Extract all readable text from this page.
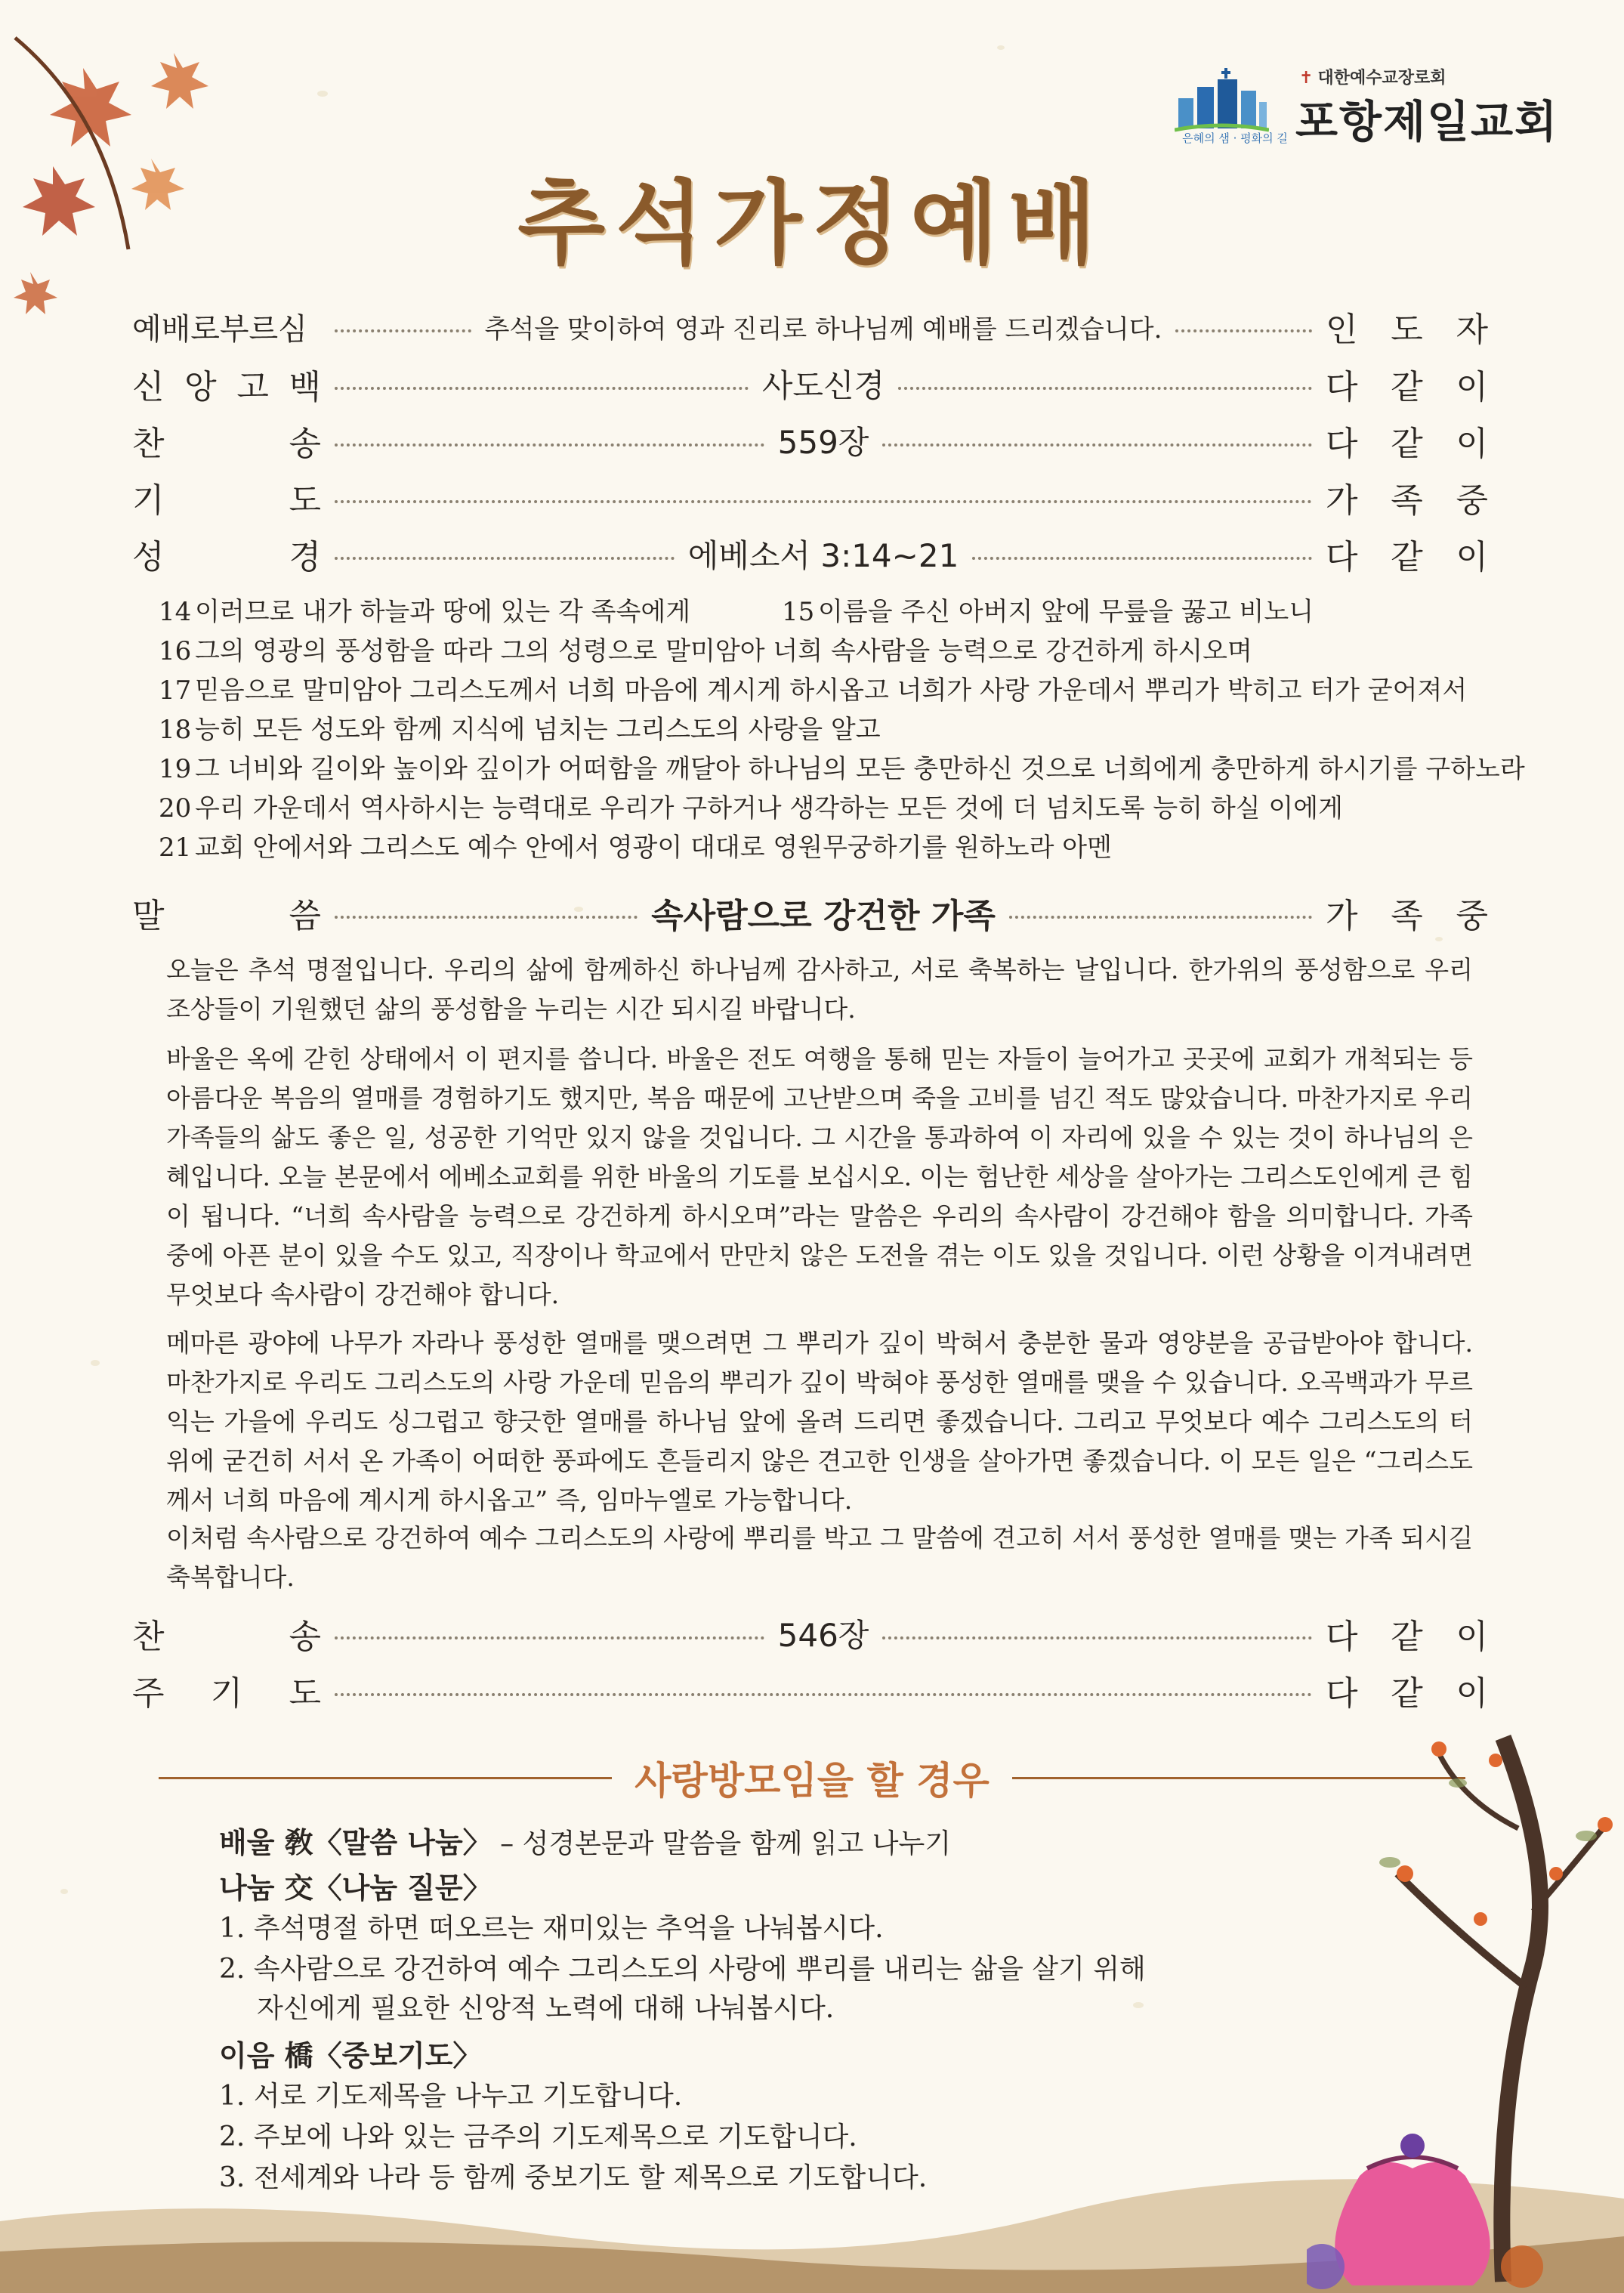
✝ 대한예수교장로회
포항제일교회
은혜의 샘 · 평화의 길
추석가정예배
예배로부르심	추석을 맞이하여 영과 진리로 하나님께 예배를 드리겠습니다.	인 도 자
신 앙 고 백	사도신경	다 같 이
찬	송	559장	다 같 이
기	도	가 족 중
성	경	에베소서 3:14~21	다 같 이
14 이러므로 내가 하늘과 땅에 있는 각 족속에게	15 이름을 주신 아버지 앞에 무릎을 꿇고 비노니
16 그의 영광의 풍성함을 따라 그의 성령으로 말미암아 너희 속사람을 능력으로 강건하게 하시오며
17 믿음으로 말미암아 그리스도께서 너희 마음에 계시게 하시옵고 너희가 사랑 가운데서 뿌리가 박히고 터가 굳어져서
18 능히 모든 성도와 함께 지식에 넘치는 그리스도의 사랑을 알고
19 그 너비와 길이와 높이와 깊이가 어떠함을 깨달아 하나님의 모든 충만하신 것으로 너희에게 충만하게 하시기를 구하노라
20 우리 가운데서 역사하시는 능력대로 우리가 구하거나 생각하는 모든 것에 더 넘치도록 능히 하실 이에게
21 교회 안에서와 그리스도 예수 안에서 영광이 대대로 영원무궁하기를 원하노라 아멘
말	씀	속사람으로 강건한 가족	가 족 중

오늘은 추석 명절입니다. 우리의 삶에 함께하신 하나님께 감사하고, 서로 축복하는 날입니다. 한가위의 풍성함으로 우리 조상들이 기원했던 삶의 풍성함을 누리는 시간 되시길 바랍니다.

바울은 옥에 갇힌 상태에서 이 편지를 씁니다. 바울은 전도 여행을 통해 믿는 자들이 늘어가고 곳곳에 교회가 개척되는 등 아름다운 복음의 열매를 경험하기도 했지만, 복음 때문에 고난받으며 죽을 고비를 넘긴 적도 많았습니다. 마찬가지로 우리 가족들의 삶도 좋은 일, 성공한 기억만 있지 않을 것입니다. 그 시간을 통과하여 이 자리에 있을 수 있는 것이 하나님의 은혜입니다. 오늘 본문에서 에베소교회를 위한 바울의 기도를 보십시오. 이는 험난한 세상을 살아가는 그리스도인에게 큰 힘이 됩니다. “너희 속사람을 능력으로 강건하게 하시오며”라는 말씀은 우리의 속사람이 강건해야 함을 의미합니다. 가족 중에 아픈 분이 있을 수도 있고, 직장이나 학교에서 만만치 않은 도전을 겪는 이도 있을 것입니다. 이런 상황을 이겨내려면 무엇보다 속사람이 강건해야 합니다.

메마른 광야에 나무가 자라나 풍성한 열매를 맺으려면 그 뿌리가 깊이 박혀서 충분한 물과 영양분을 공급받아야 합니다. 마찬가지로 우리도 그리스도의 사랑 가운데 믿음의 뿌리가 깊이 박혀야 풍성한 열매를 맺을 수 있습니다. 오곡백과가 무르익는 가을에 우리도 싱그럽고 향긋한 열매를 하나님 앞에 올려 드리면 좋겠습니다. 그리고 무엇보다 예수 그리스도의 터 위에 굳건히 서서 온 가족이 어떠한 풍파에도 흔들리지 않은 견고한 인생을 살아가면 좋겠습니다. 이 모든 일은 “그리스도께서 너희 마음에 계시게 하시옵고” 즉, 임마누엘로 가능합니다.

이처럼 속사람으로 강건하여 예수 그리스도의 사랑에 뿌리를 박고 그 말씀에 견고히 서서 풍성한 열매를 맺는 가족 되시길 축복합니다.

찬	송	546장	다 같 이
주 기 도	다 같 이
사랑방모임을 할 경우
배울 敎〈말씀 나눔〉 – 성경본문과 말씀을 함께 읽고 나누기
나눔 交〈나눔 질문〉
1. 추석명절 하면 떠오르는 재미있는 추억을 나눠봅시다.
2. 속사람으로 강건하여 예수 그리스도의 사랑에 뿌리를 내리는 삶을 살기 위해
자신에게 필요한 신앙적 노력에 대해 나눠봅시다.
이음 橋〈중보기도〉
1. 서로 기도제목을 나누고 기도합니다.
2. 주보에 나와 있는 금주의 기도제목으로 기도합니다.
3. 전세계와 나라 등 함께 중보기도 할 제목으로 기도합니다.
